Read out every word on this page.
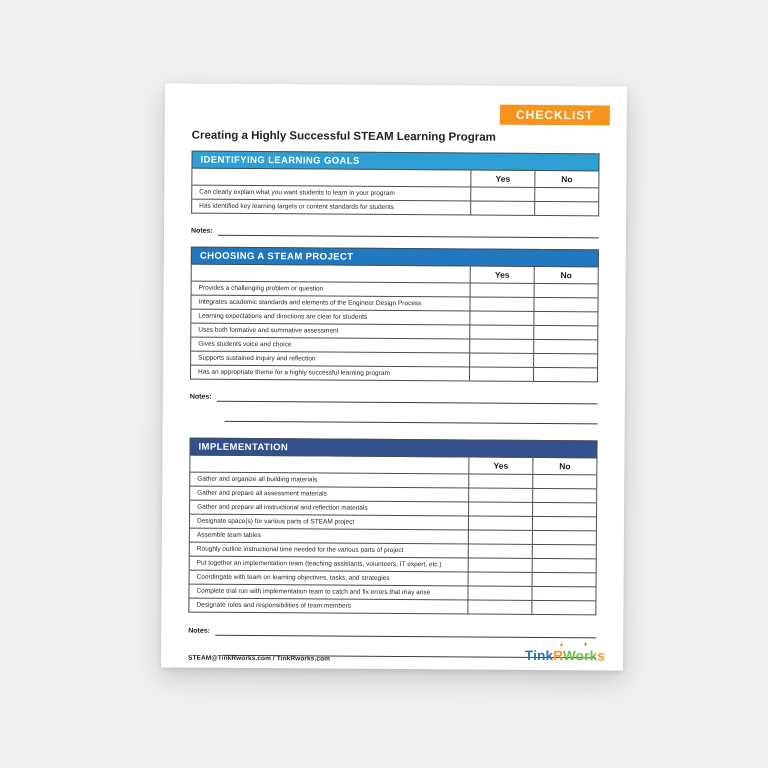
CHECKLIST
Creating a Highly Successful STEAM Learning Program
IDENTIFYING LEARNING GOALS
Yes	No
Can clearly explain what you want students to learn in your program
Has identified key learning targets or content standards for students
Notes:
CHOOSING A STEAM PROJECT
Yes	No
Provides a challenging problem or question
Integrates academic standards and elements of the Engineer Design Process
Learning expectations and directions are clear for students
Uses both formative and summative assessment
Gives students voice and choice
Supports sustained inquiry and reflection
Has an appropriate theme for a highly successful learning program
Notes:
IMPLEMENTATION
Yes	No
Gather and organize all building materials
Gather and prepare all assessment materials
Gather and prepare all instructional and reflection materials
Designate space(s) for various parts of STEAM project
Assemble team tables
Roughly outline instructional time needed for the various parts of project
Put together an implementation team (teaching assistants, volunteers, IT expert, etc.)
Coordingate with team on learning objectives, tasks, and strategies
Complete trial run with implementation team to catch and fix errors that may arise
Designate roles and responsibilities of team members
Notes:
STEAM@TinkRworks.com / TinkRworks.com
✦	✦
TinkRWorks
